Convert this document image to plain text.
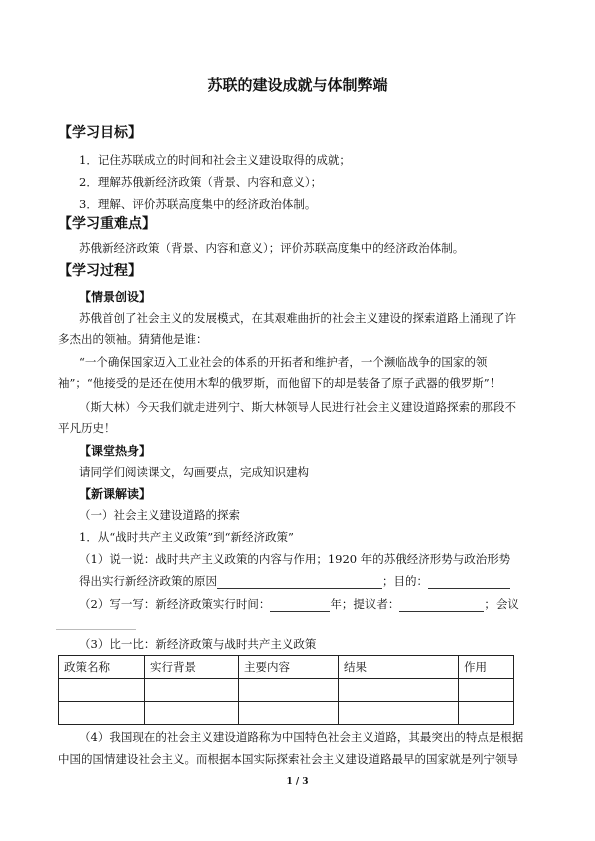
苏联的建设成就与体制弊端
【学习目标】
1．记住苏联成立的时间和社会主义建设取得的成就；
2．理解苏俄新经济政策（背景、内容和意义）；
3．理解、评价苏联高度集中的经济政治体制。
【学习重难点】
苏俄新经济政策（背景、内容和意义）；评价苏联高度集中的经济政治体制。
【学习过程】
【情景创设】
苏俄首创了社会主义的发展模式，在其艰难曲折的社会主义建设的探索道路上涌现了许
多杰出的领袖。猜猜他是谁：
“一个确保国家迈入工业社会的体系的开拓者和维护者，一个濒临战争的国家的领
袖”；“他接受的是还在使用木犁的俄罗斯，而他留下的却是装备了原子武器的俄罗斯”！
（斯大林）今天我们就走进列宁、斯大林领导人民进行社会主义建设道路探索的那段不
平凡历史！
【课堂热身】
请同学们阅读课文，勾画要点，完成知识建构
【新课解读】
（一）社会主义建设道路的探索
1．从“战时共产主义政策”到“新经济政策”
（1）说一说：战时共产主义政策的内容与作用；1920 年的苏俄经济形势与政治形势
得出实行新经济政策的原因	；目的：
（2）写一写：新经济政策实行时间：	年；提议者：	；会议
（3）比一比：新经济政策与战时共产主义政策
政策名称	实行背景	主要内容	结果	作用

（4）我国现在的社会主义建设道路称为中国特色社会主义道路，其最突出的特点是根据
中国的国情建设社会主义。而根据本国实际探索社会主义建设道路最早的国家就是列宁领导
1 / 3
